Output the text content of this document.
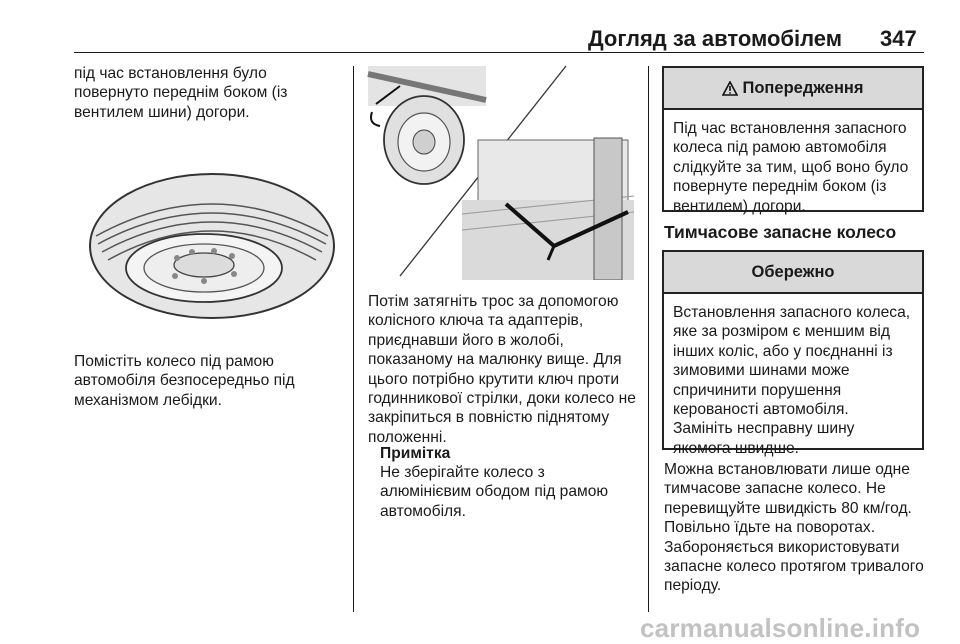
Догляд за автомобілем 347
під час встановлення було повернуто переднім боком (із вентилем шини) догори.
Помістіть колесо під рамою автомобіля безпосередньо під механізмом лебідки.
Потім затягніть трос за допомогою колісного ключа та адаптерів, приєднавши його в жолобі, показаному на малюнку вище. Для цього потрібно крутити ключ проти годинникової стрілки, доки колесо не закріпиться в повністю піднятому положенні.
Примітка
Не зберігайте колесо з алюмінієвим ободом під рамою автомобіля.
Попередження
Під час встановлення запасного колеса під рамою автомобіля слідкуйте за тим, щоб воно було повернуте переднім боком (із вентилем) догори.
Тимчасове запасне колесо
Обережно
Встановлення запасного колеса, яке за розміром є меншим від інших коліс, або у поєднанні із зимовими шинами може спричинити порушення керованості автомобіля.
Замініть несправну шину якомога швидше.
Можна встановлювати лише одне тимчасове запасне колесо. Не перевищуйте швидкість 80 км/год. Повільно їдьте на поворотах. Забороняється використовувати запасне колесо протягом тривалого періоду.
carmanualsonline.info
